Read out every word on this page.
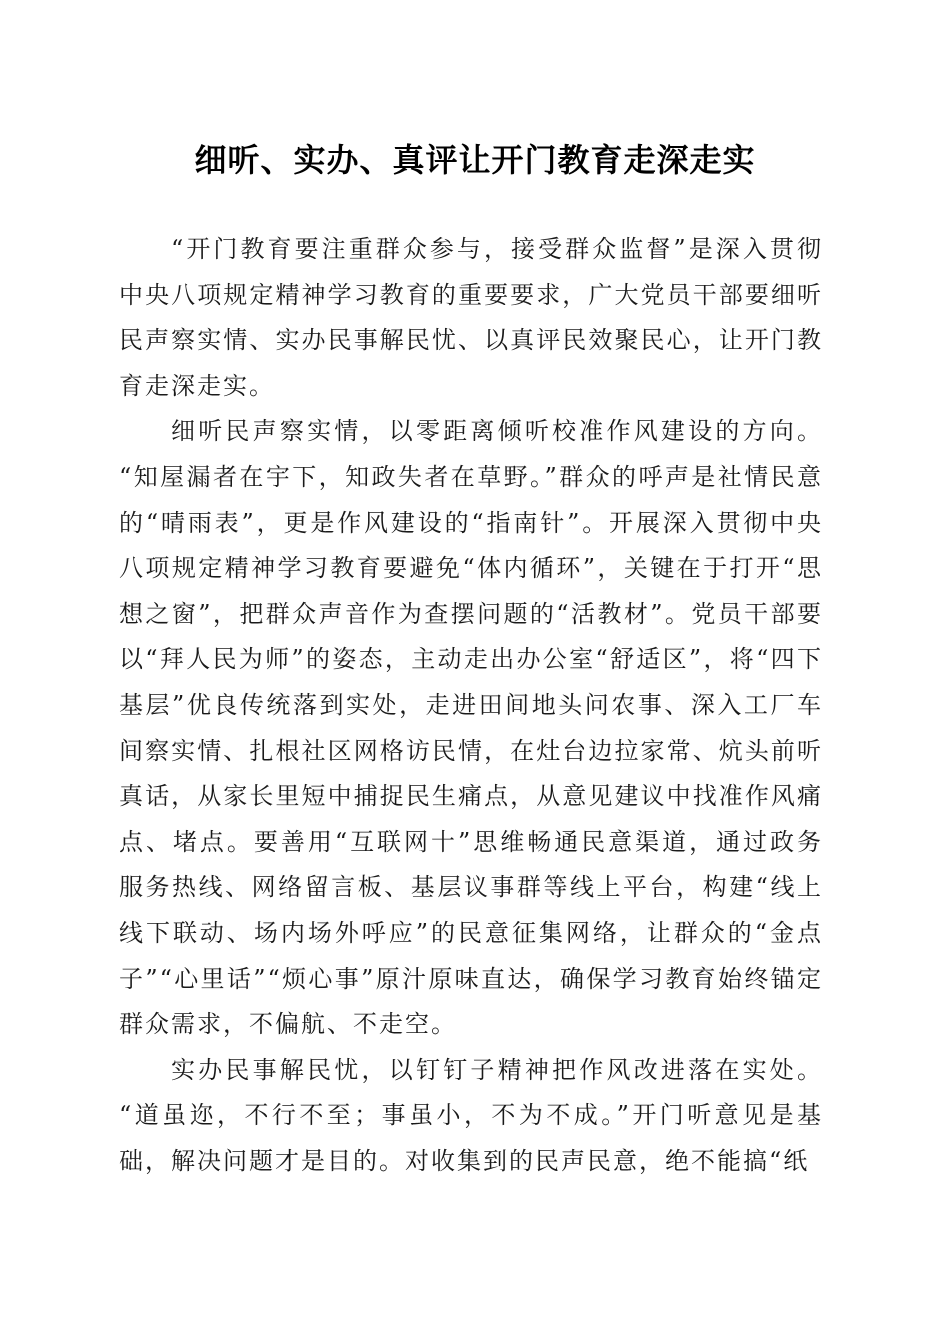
细听、实办、真评让开门教育走深走实

“开门教育要注重群众参与，接受群众监督”是深入贯彻中央八项规定精神学习教育的重要要求，广大党员干部要细听民声察实情、实办民事解民忧、以真评民效聚民心，让开门教育走深走实。

细听民声察实情，以零距离倾听校准作风建设的方向。“知屋漏者在宇下，知政失者在草野。”群众的呼声是社情民意的“晴雨表”，更是作风建设的“指南针”。开展深入贯彻中央八项规定精神学习教育要避免“体内循环”，关键在于打开“思想之窗”，把群众声音作为查摆问题的“活教材”。党员干部要以“拜人民为师”的姿态，主动走出办公室“舒适区”，将“四下基层”优良传统落到实处，走进田间地头问农事、深入工厂车间察实情、扎根社区网格访民情，在灶台边拉家常、炕头前听真话，从家长里短中捕捉民生痛点，从意见建议中找准作风痛点、堵点。要善用“互联网十”思维畅通民意渠道，通过政务服务热线、网络留言板、基层议事群等线上平台，构建“线上线下联动、场内场外呼应”的民意征集网络，让群众的“金点子”“心里话”“烦心事”原汁原味直达，确保学习教育始终锚定群众需求，不偏航、不走空。

实办民事解民忧，以钉钉子精神把作风改进落在实处。“道虽迩，不行不至；事虽小，不为不成。”开门听意见是基础，解决问题才是目的。对收集到的民声民意，绝不能搞“纸
